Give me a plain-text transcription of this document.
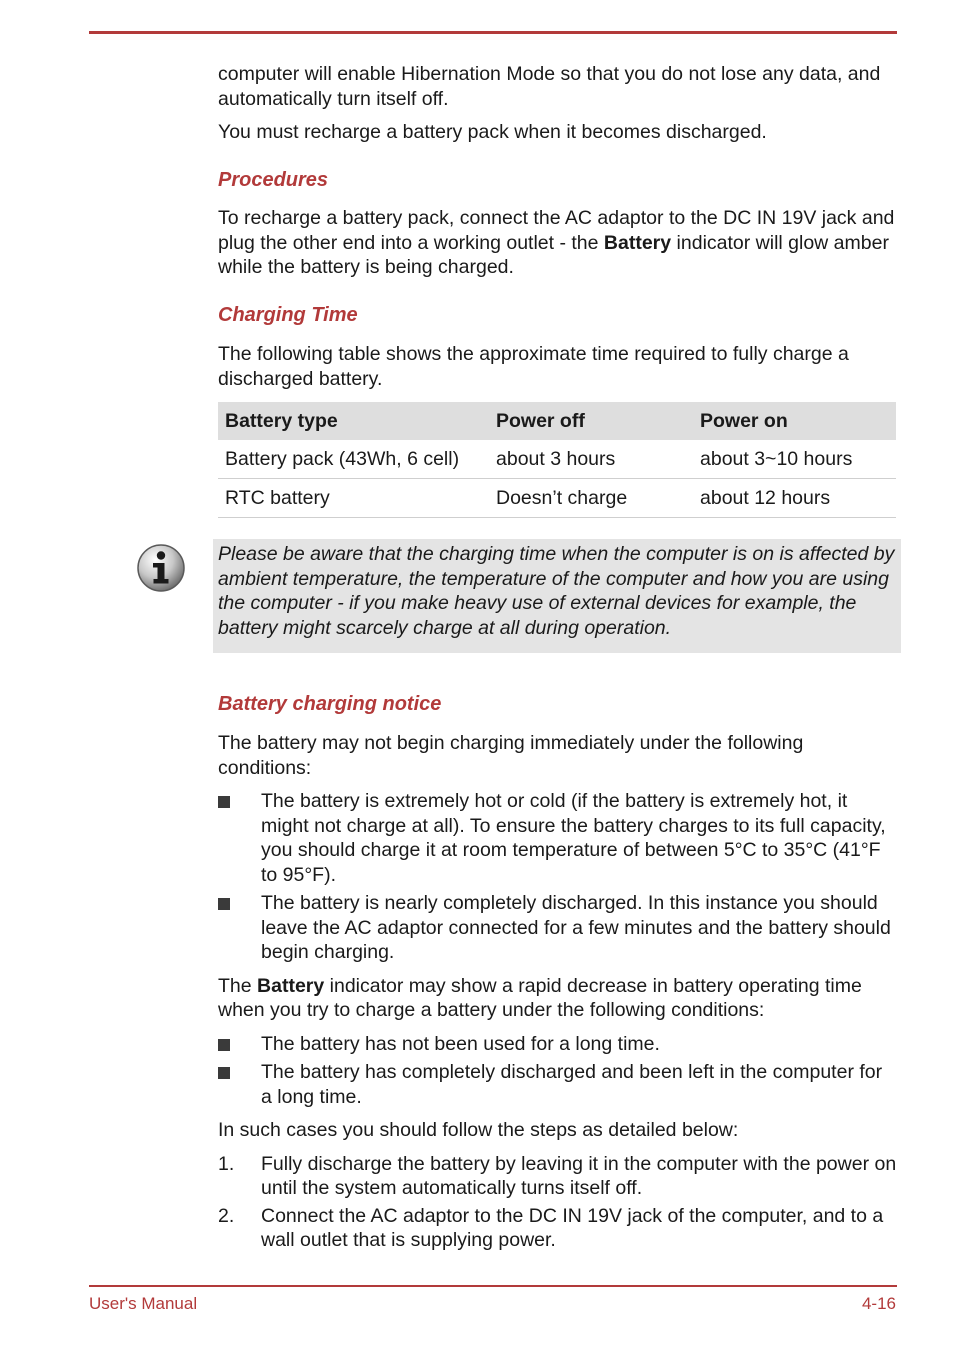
computer will enable Hibernation Mode so that you do not lose any data, and automatically turn itself off.

You must recharge a battery pack when it becomes discharged.

Procedures

To recharge a battery pack, connect the AC adaptor to the DC IN 19V jack and plug the other end into a working outlet - the Battery indicator will glow amber while the battery is being charged.

Charging Time

The following table shows the approximate time required to fully charge a discharged battery.

Battery type	Power off	Power on
Battery pack (43Wh, 6 cell)	about 3 hours	about 3~10 hours
RTC battery	Doesn’t charge	about 12 hours
Please be aware that the charging time when the computer is on is affected by ambient temperature, the temperature of the computer and how you are using the computer - if you make heavy use of external devices for example, the battery might scarcely charge at all during operation.
Battery charging notice

The battery may not begin charging immediately under the following conditions:

The battery is extremely hot or cold (if the battery is extremely hot, it might not charge at all). To ensure the battery charges to its full capacity, you should charge it at room temperature of between 5°C to 35°C (41°F to 95°F).
The battery is nearly completely discharged. In this instance you should leave the AC adaptor connected for a few minutes and the battery should begin charging.

The Battery indicator may show a rapid decrease in battery operating time when you try to charge a battery under the following conditions:

The battery has not been used for a long time.
The battery has completely discharged and been left in the computer for a long time.

In such cases you should follow the steps as detailed below:

1. Fully discharge the battery by leaving it in the computer with the power on until the system automatically turns itself off.
2. Connect the AC adaptor to the DC IN 19V jack of the computer, and to a wall outlet that is supplying power.
User's Manual	4-16
